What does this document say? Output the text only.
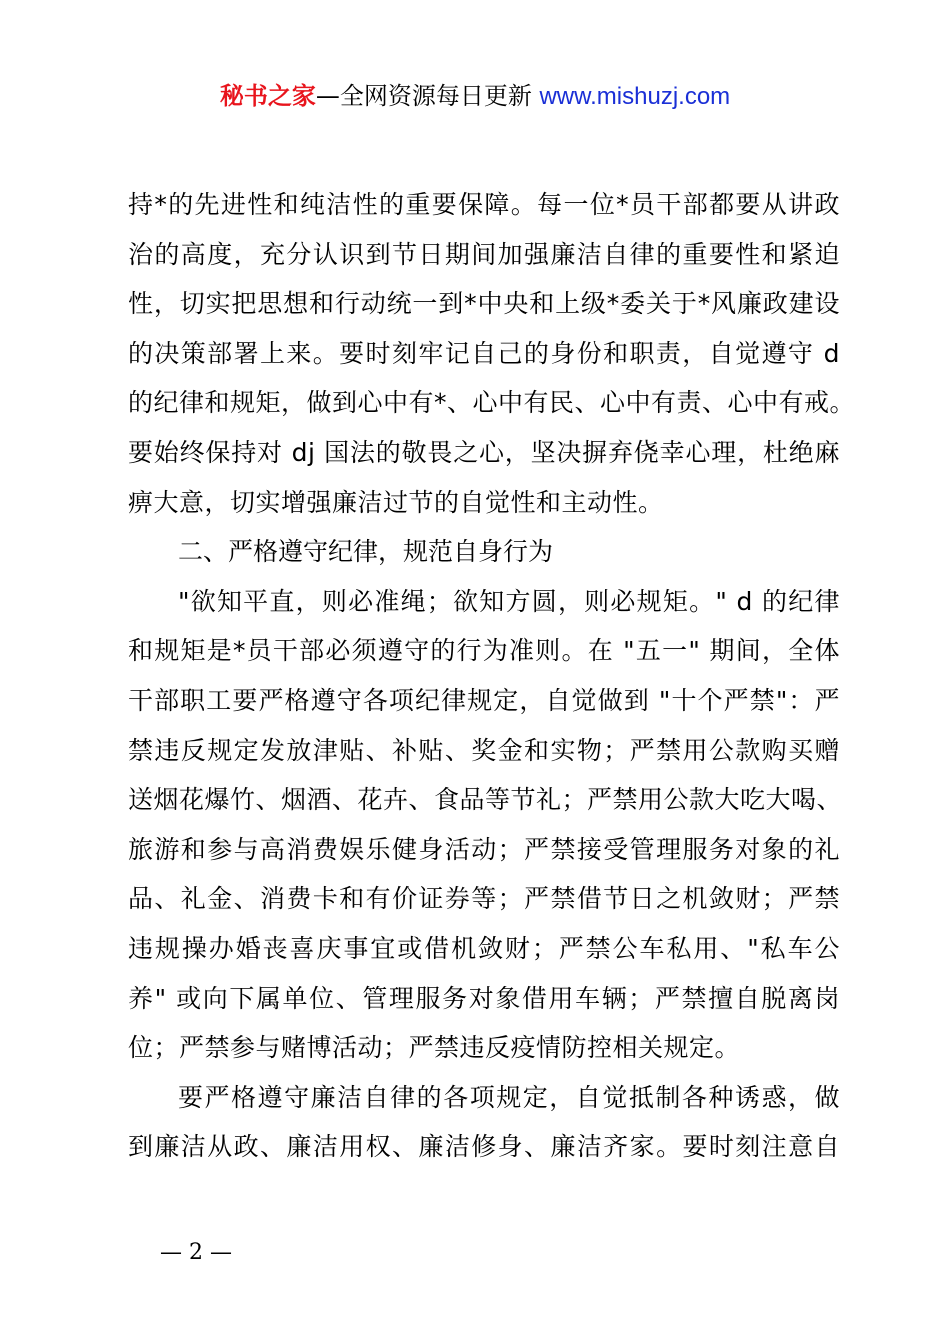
秘书之家—全网资源每日更新 www.mishuzj.com
持*的先进性和纯洁性的重要保障。每一位*员干部都要从讲政
治的高度，充分认识到节日期间加强廉洁自律的重要性和紧迫
性，切实把思想和行动统一到*中央和上级*委关于*风廉政建设
的决策部署上来。要时刻牢记自己的身份和职责，自觉遵守 d
的纪律和规矩，做到心中有*、心中有民、心中有责、心中有戒。
要始终保持对 dj 国法的敬畏之心，坚决摒弃侥幸心理，杜绝麻
痹大意，切实增强廉洁过节的自觉性和主动性。
二、严格遵守纪律，规范自身行为
"欲知平直，则必准绳；欲知方圆，则必规矩。" d 的纪律
和规矩是*员干部必须遵守的行为准则。在 "五一" 期间，全体
干部职工要严格遵守各项纪律规定，自觉做到 "十个严禁"：严
禁违反规定发放津贴、补贴、奖金和实物；严禁用公款购买赠
送烟花爆竹、烟酒、花卉、食品等节礼；严禁用公款大吃大喝、
旅游和参与高消费娱乐健身活动；严禁接受管理服务对象的礼
品、礼金、消费卡和有价证券等；严禁借节日之机敛财；严禁
违规操办婚丧喜庆事宜或借机敛财；严禁公车私用、"私车公
养" 或向下属单位、管理服务对象借用车辆；严禁擅自脱离岗
位；严禁参与赌博活动；严禁违反疫情防控相关规定。
要严格遵守廉洁自律的各项规定，自觉抵制各种诱惑，做
到廉洁从政、廉洁用权、廉洁修身、廉洁齐家。要时刻注意自
— 2 —
